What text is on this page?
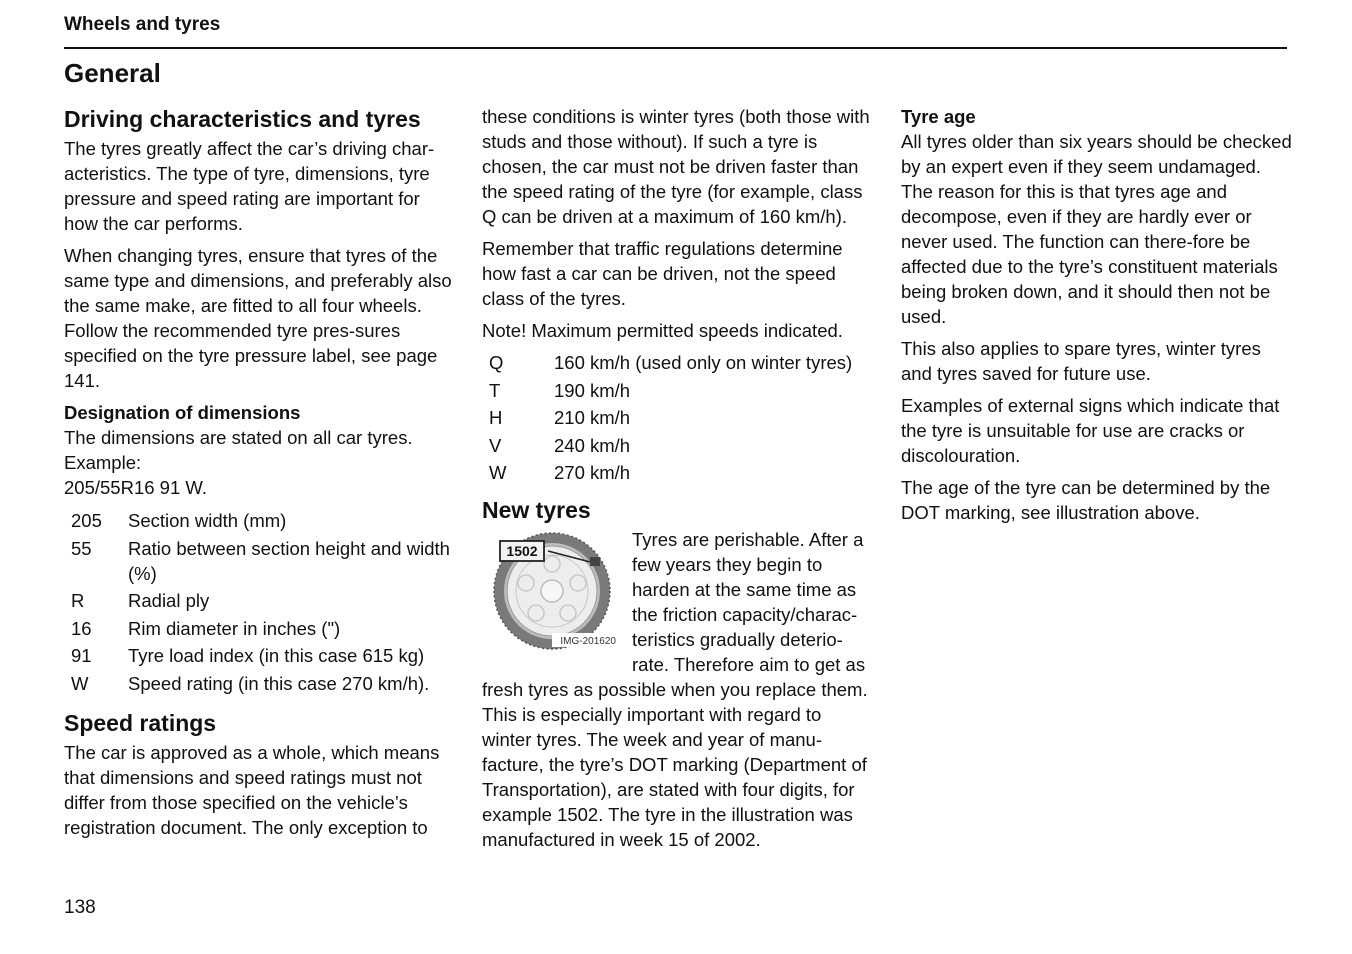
Wheels and tyres
General
Driving characteristics and tyres

The tyres greatly affect the car’s driving char-acteristics. The type of tyre, dimensions, tyre pressure and speed rating are important for how the car performs.

When changing tyres, ensure that tyres of the same type and dimensions, and preferably also the same make, are fitted to all four wheels. Follow the recommended tyre pres-sures specified on the tyre pressure label, see page 141.

Designation of dimensions
The dimensions are stated on all car tyres.
Example:
205/55R16 91 W.
205	Section width (mm)
55	Ratio between section height and width (%)
R	Radial ply
16	Rim diameter in inches (")
91	Tyre load index (in this case 615 kg)
W	Speed rating (in this case 270 km/h).
Speed ratings

The car is approved as a whole, which means that dimensions and speed ratings must not differ from those specified on the vehicle’s registration document. The only exception to

these conditions is winter tyres (both those with studs and those without). If such a tyre is chosen, the car must not be driven faster than the speed rating of the tyre (for example, class Q can be driven at a maximum of 160 km/h).

Remember that traffic regulations determine how fast a car can be driven, not the speed class of the tyres.

Note! Maximum permitted speeds indicated.

Q	160 km/h (used only on winter tyres)
T	190 km/h
H	210 km/h
V	240 km/h
W	270 km/h
New tyres
1502
IMG-201620

Tyres are perishable. After a few years they begin to harden at the same time as the friction capacity/charac-teristics gradually deterio-rate. Therefore aim to get as fresh tyres as possible when you replace them. This is especially important with regard to winter tyres. The week and year of manu-facture, the tyre’s DOT marking (Department of Transportation), are stated with four digits, for example 1502. The tyre in the illustration was manufactured in week 15 of 2002.

Tyre age

All tyres older than six years should be checked by an expert even if they seem undamaged. The reason for this is that tyres age and decompose, even if they are hardly ever or never used. The function can there-fore be affected due to the tyre’s constituent materials being broken down, and it should then not be used.

This also applies to spare tyres, winter tyres and tyres saved for future use.

Examples of external signs which indicate that the tyre is unsuitable for use are cracks or discolouration.

The age of the tyre can be determined by the DOT marking, see illustration above.

138
